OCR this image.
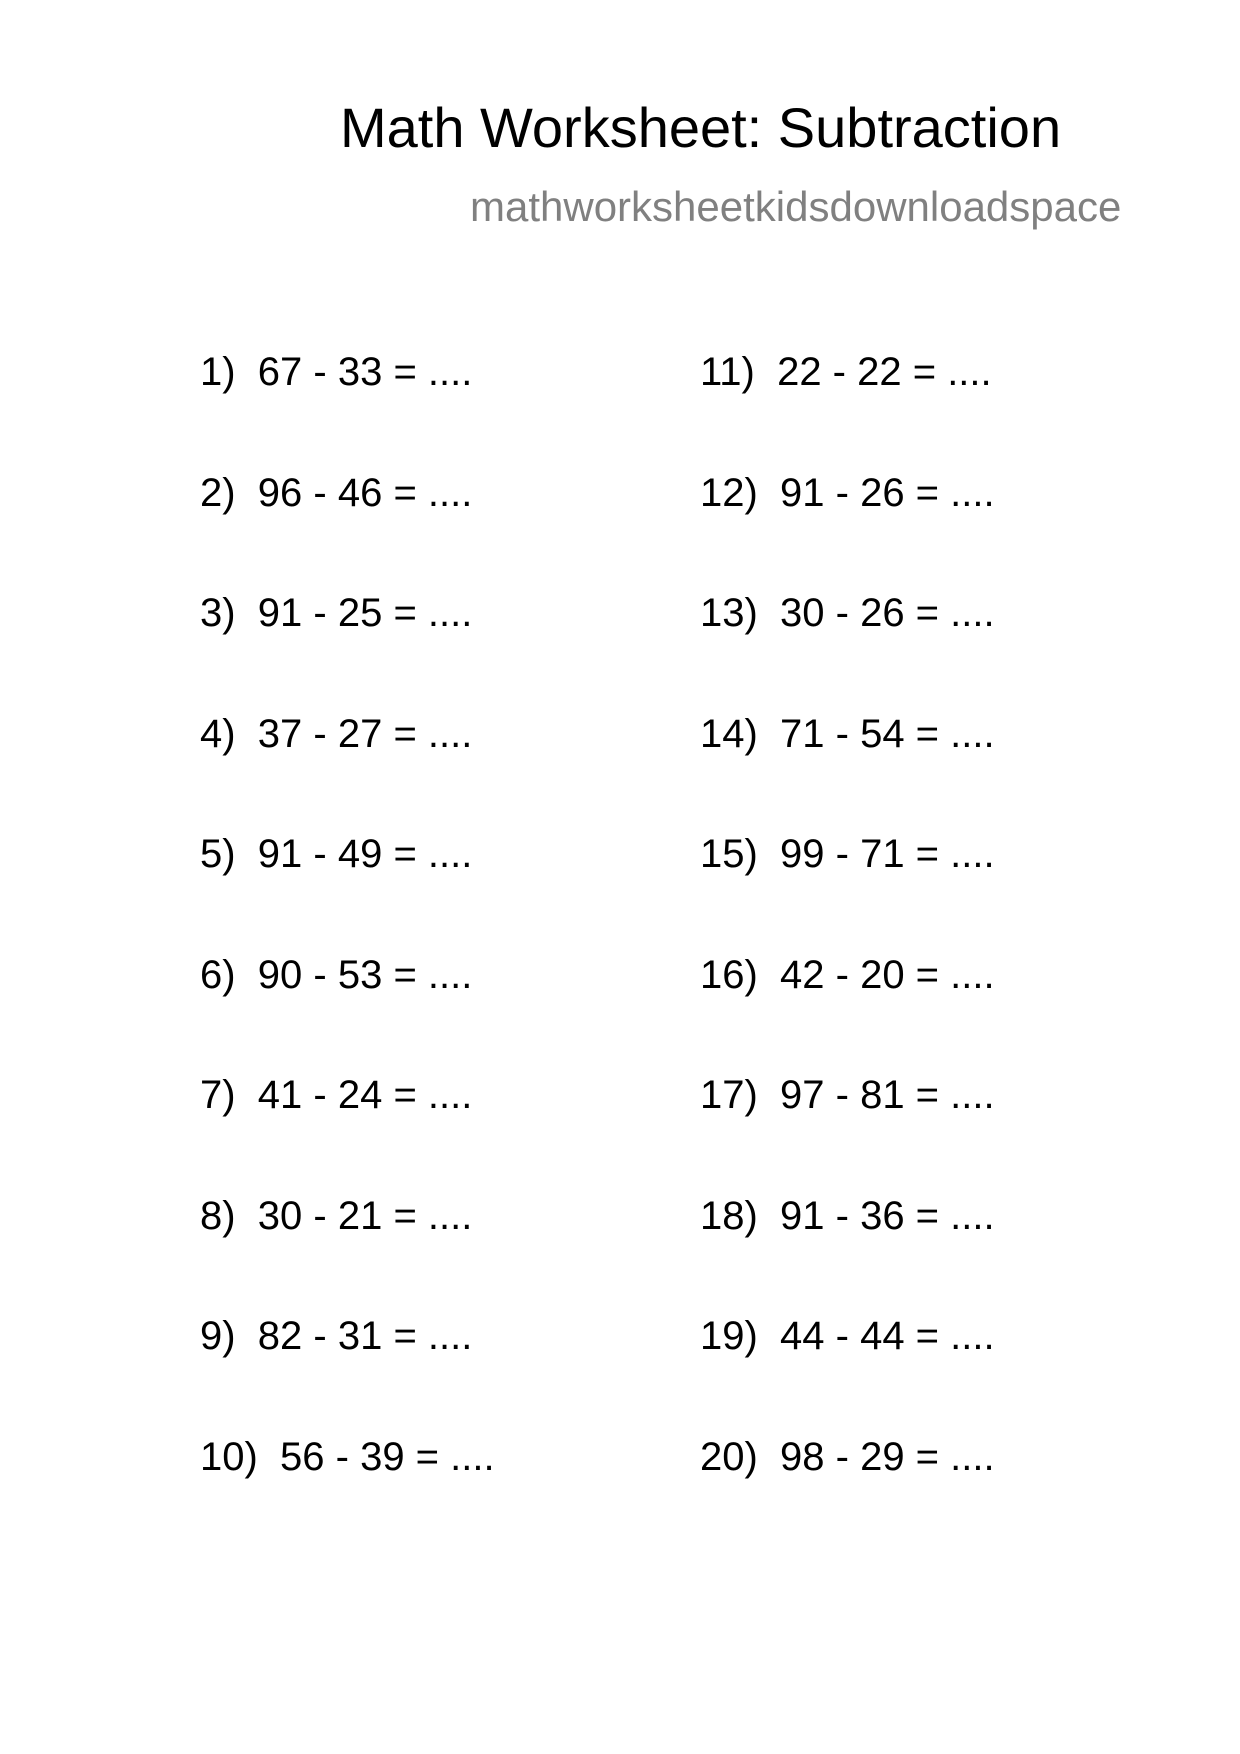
Math Worksheet: Subtraction
mathworksheetkidsdownloadspace
1)  67 - 33 = ....
2)  96 - 46 = ....
3)  91 - 25 = ....
4)  37 - 27 = ....
5)  91 - 49 = ....
6)  90 - 53 = ....
7)  41 - 24 = ....
8)  30 - 21 = ....
9)  82 - 31 = ....
10)  56 - 39 = ....
11)  22 - 22 = ....
12)  91 - 26 = ....
13)  30 - 26 = ....
14)  71 - 54 = ....
15)  99 - 71 = ....
16)  42 - 20 = ....
17)  97 - 81 = ....
18)  91 - 36 = ....
19)  44 - 44 = ....
20)  98 - 29 = ....
